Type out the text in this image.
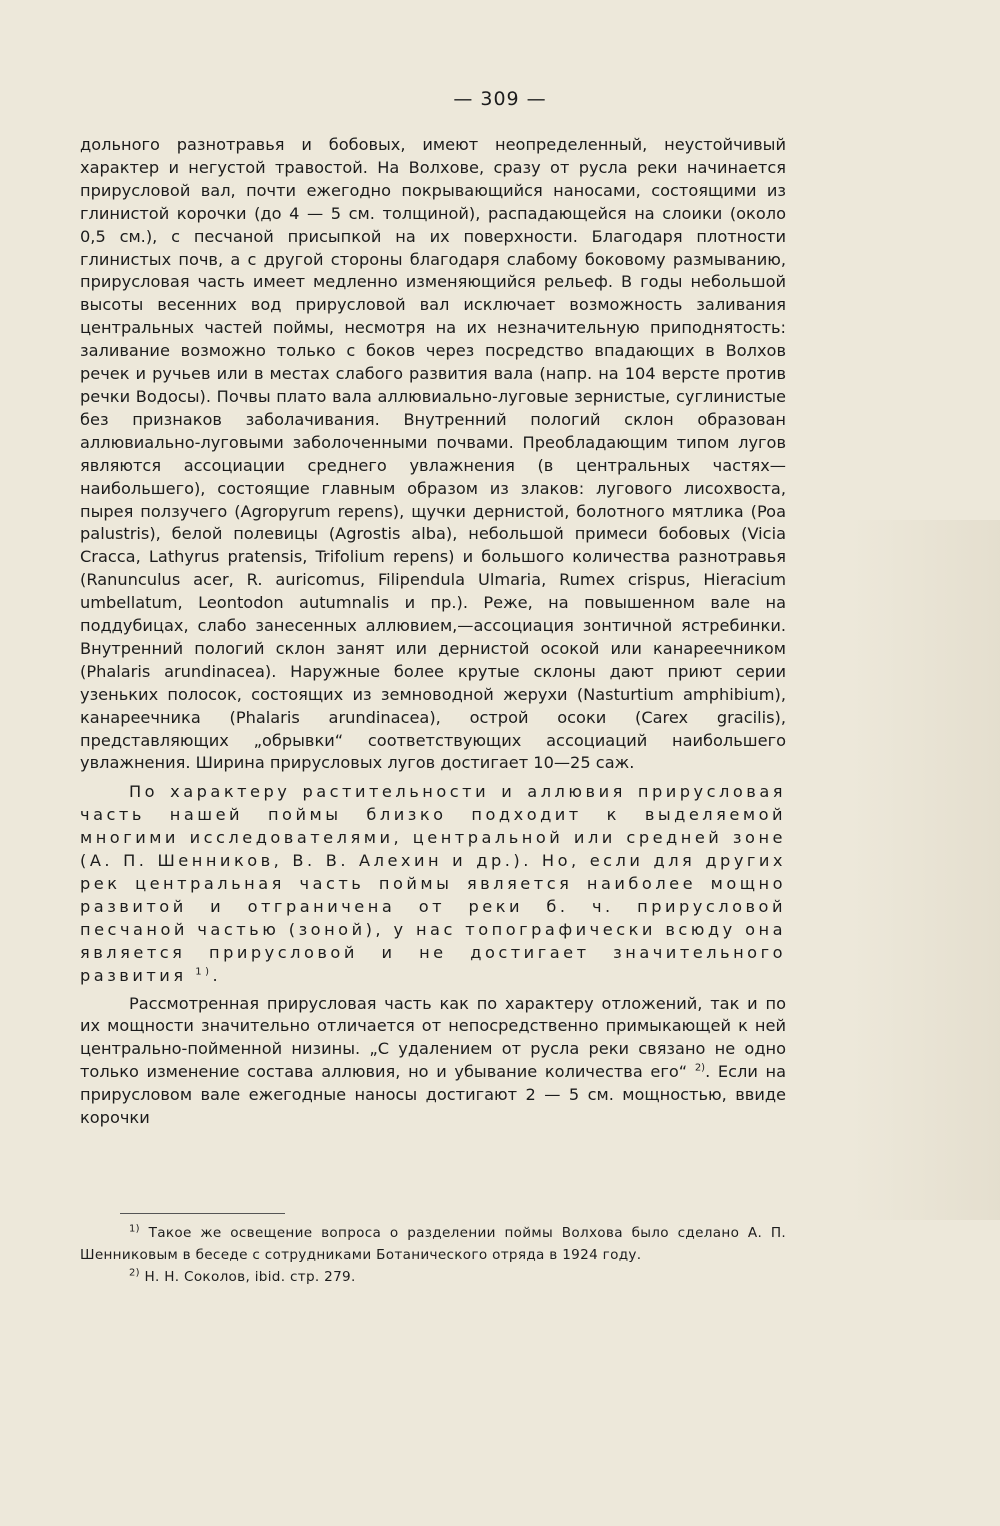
— 309 —

дольного разнотравья и бобовых, имеют неопределенный, неустойчивый характер и негустой травостой. На Волхове, сразу от русла реки начинается прирусловой вал, почти ежегодно покрывающийся наносами, состоящими из глинистой корочки (до 4 — 5 см. толщиной), распадающейся на слоики (около 0,5 см.), с песчаной присыпкой на их поверхности. Благодаря плотности глинистых почв, а с другой стороны благодаря слабому боковому размыванию, прирусловая часть имеет медленно изменяющийся рельеф. В годы небольшой высоты весенних вод прирусловой вал исключает возможность заливания центральных частей поймы, несмотря на их незначительную приподнятость: заливание возможно только с боков через посредство впадающих в Волхов речек и ручьев или в местах слабого развития вала (напр. на 104 версте против речки Водосы). Почвы плато вала аллювиально-луговые зернистые, суглинистые без признаков заболачивания. Внутренний пологий склон образован аллювиально-луговыми заболоченными почвами. Преобладающим типом лугов являются ассоциации среднего увлажнения (в центральных частях—наибольшего), состоящие главным образом из злаков: лугового лисохвоста, пырея ползучего (Agropyrum repens), щучки дернистой, болотного мятлика (Poa palustris), белой полевицы (Agrostis alba), небольшой примеси бобовых (Vicia Cracca, Lathyrus pratensis, Trifolium repens) и большого количества разнотравья (Ranunculus acer, R. auricomus, Filipendula Ulmaria, Rumex crispus, Hieracium umbellatum, Leontodon autumnalis и пр.). Реже, на повышенном вале на поддубицах, слабо занесенных аллювием,—ассоциация зонтичной ястребинки. Внутренний пологий склон занят или дернистой осокой или канареечником (Phalaris arundinacea). Наружные более крутые склоны дают приют серии узеньких полосок, состоящих из земноводной жерухи (Nasturtium amphibium), канареечника (Phalaris arundinacea), острой осоки (Carex gracilis), представляющих „обрывки“ соответствующих ассоциаций наибольшего увлажнения. Ширина прирусловых лугов достигает 10—25 саж.

По характеру растительности и аллювия прирусловая часть нашей поймы близко подходит к выделяемой многими исследователями, центральной или средней зоне (А. П. Шенников, В. В. Алехин и др.). Но, если для других рек центральная часть поймы является наиболее мощно развитой и отграничена от реки б. ч. прирусловой песчаной частью (зоной), у нас топографически всюду она является прирусловой и не достигает значительного развития $^{1)}$.

Рассмотренная прирусловая часть как по характеру отложений, так и по их мощности значительно отличается от непосредственно примыкающей к ней центрально-пойменной низины. „С удалением от русла реки связано не одно только изменение состава аллювия, но и убывание количества его“ $^{2)}$. Если на прирусловом вале ежегодные наносы достигают 2 — 5 см. мощностью, ввиде корочки

$^{1)}$ Такое же освещение вопроса о разделении поймы Волхова было сделано А. П. Шенниковым в беседе с сотрудниками Ботанического отряда в 1924 году.

$^{2)}$ Н. Н. Соколов, ibid. стр. 279.
